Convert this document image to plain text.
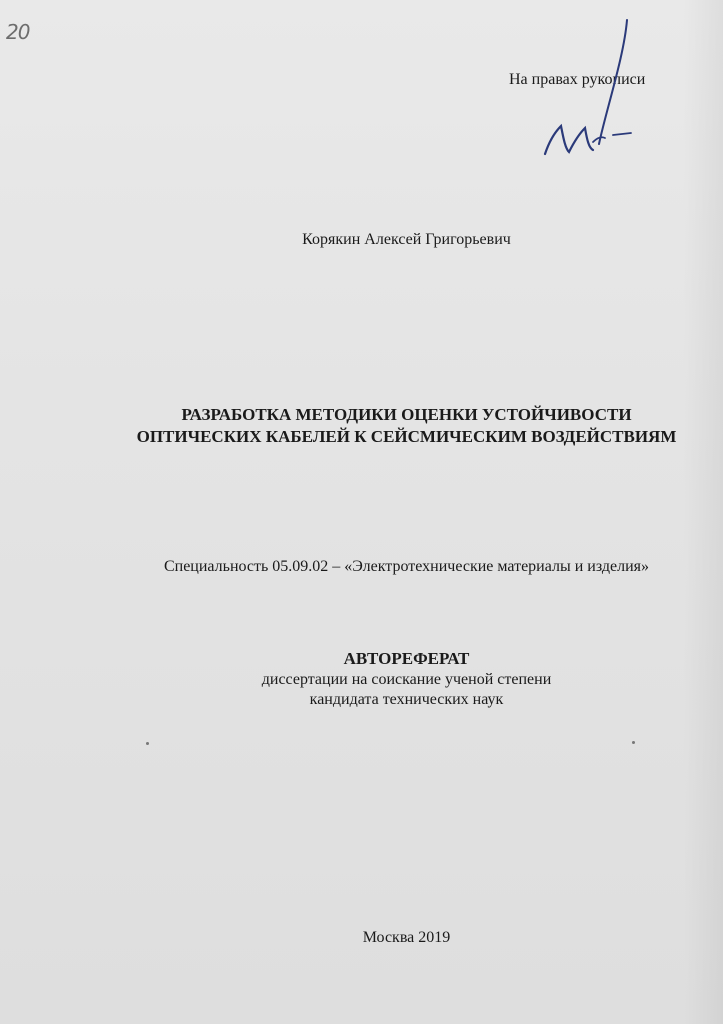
20
На правах рукописи
Корякин Алексей Григорьевич
РАЗРАБОТКА МЕТОДИКИ ОЦЕНКИ УСТОЙЧИВОСТИ
ОПТИЧЕСКИХ КАБЕЛЕЙ К СЕЙСМИЧЕСКИМ ВОЗДЕЙСТВИЯМ
Специальность 05.09.02 – «Электротехнические материалы и изделия»
АВТОРЕФЕРАТ
диссертации на соискание ученой степени
кандидата технических наук
Москва 2019
